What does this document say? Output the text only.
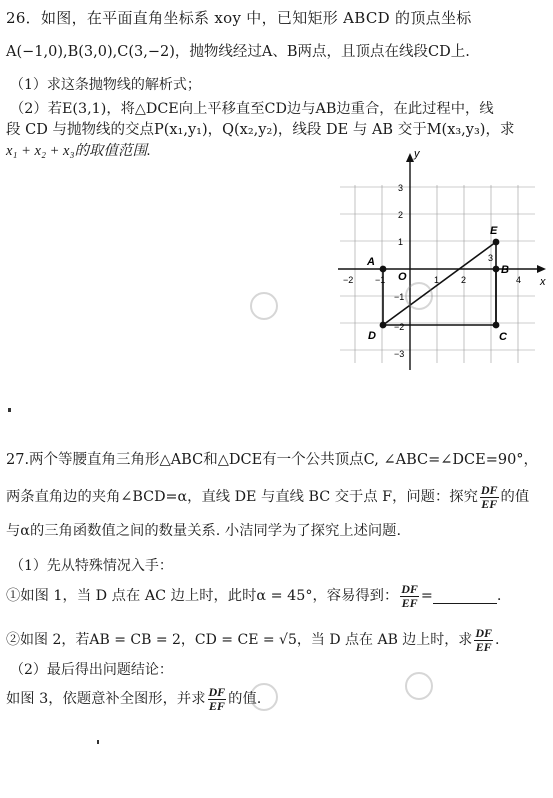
26．如图，在平面直角坐标系 xoy 中，已知矩形 ABCD 的顶点坐标
A(−1,0),B(3,0),C(3,−2)，抛物线经过A、B两点，且顶点在线段CD上.
（1）求这条抛物线的解析式；
（2）若E(3,1)，将△DCE向上平移直至CD边与AB边重合，在此过程中，线
段 CD 与抛物线的交点P(x₁,y₁)，Q(x₂,y₂)，线段 DE 与 AB 交于M(x₃,y₃)，求
x₁ + x₂ + x₃的取值范围.
A
B
C
D
E
O	x
y
−2 −1	1 2
3
4
3
2
1
−1
−2
−3
27.两个等腰直角三角形△ABC和△DCE有一个公共顶点C, ∠ABC=∠DCE=90°，
两条直角边的夹角∠BCD=α，直线 DE 与直线 BC 交于点 F，问题：探究 $\frac{DF}{EF}$ 的值
与α的三角函数值之间的数量关系. 小洁同学为了探究上述问题.
（1）先从特殊情况入手：
①如图 1，当 D 点在 AC 边上时，此时α = 45°，容易得到： $\frac{DF}{EF}$ =	.
②如图 2，若AB = CB = 2，CD = CE = √5，当 D 点在 AB 边上时，求 $\frac{DF}{EF}$ .
（2）最后得出问题结论：
如图 3，依题意补全图形，并求 $\frac{DF}{EF}$ 的值.
